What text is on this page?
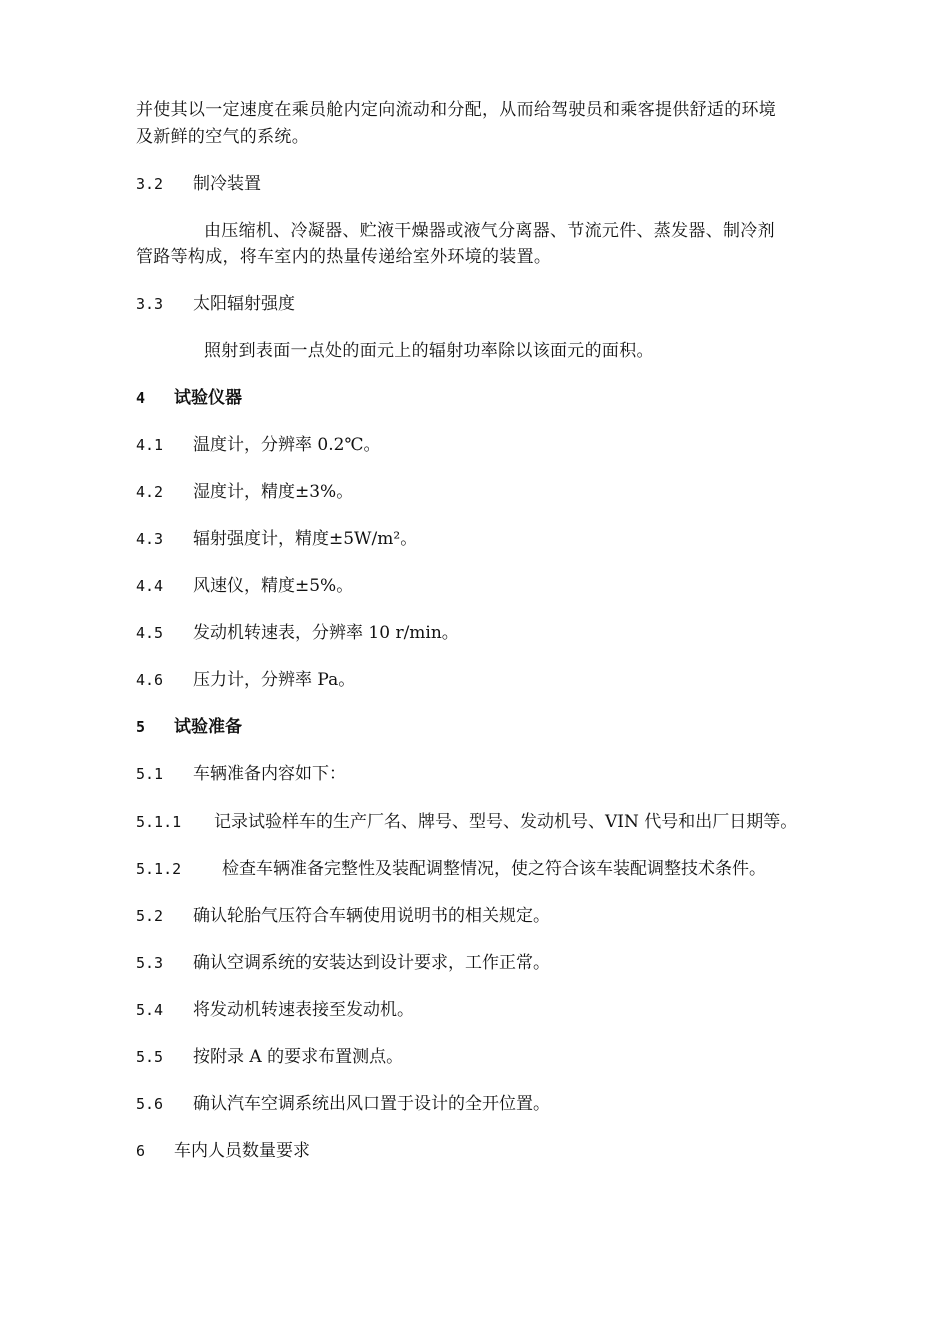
并使其以一定速度在乘员舱内定向流动和分配，从而给驾驶员和乘客提供舒适的环境
及新鲜的空气的系统。
3.2 制冷装置
由压缩机、冷凝器、贮液干燥器或液气分离器、节流元件、蒸发器、制冷剂
管路等构成，将车室内的热量传递给室外环境的装置。
3.3 太阳辐射强度
照射到表面一点处的面元上的辐射功率除以该面元的面积。
4 试验仪器
4.1 温度计，分辨率 0.2℃。
4.2 湿度计，精度±3%。
4.3 辐射强度计，精度±5W/m²。
4.4 风速仪，精度±5%。
4.5 发动机转速表，分辨率 10 r/min。
4.6 压力计，分辨率 Pa。
5 试验准备
5.1 车辆准备内容如下：
5.1.1 记录试验样车的生产厂名、牌号、型号、发动机号、VIN 代号和出厂日期等。
5.1.2 检查车辆准备完整性及装配调整情况，使之符合该车装配调整技术条件。
5.2 确认轮胎气压符合车辆使用说明书的相关规定。
5.3 确认空调系统的安装达到设计要求，工作正常。
5.4 将发动机转速表接至发动机。
5.5 按附录 A 的要求布置测点。
5.6 确认汽车空调系统出风口置于设计的全开位置。
6 车内人员数量要求
